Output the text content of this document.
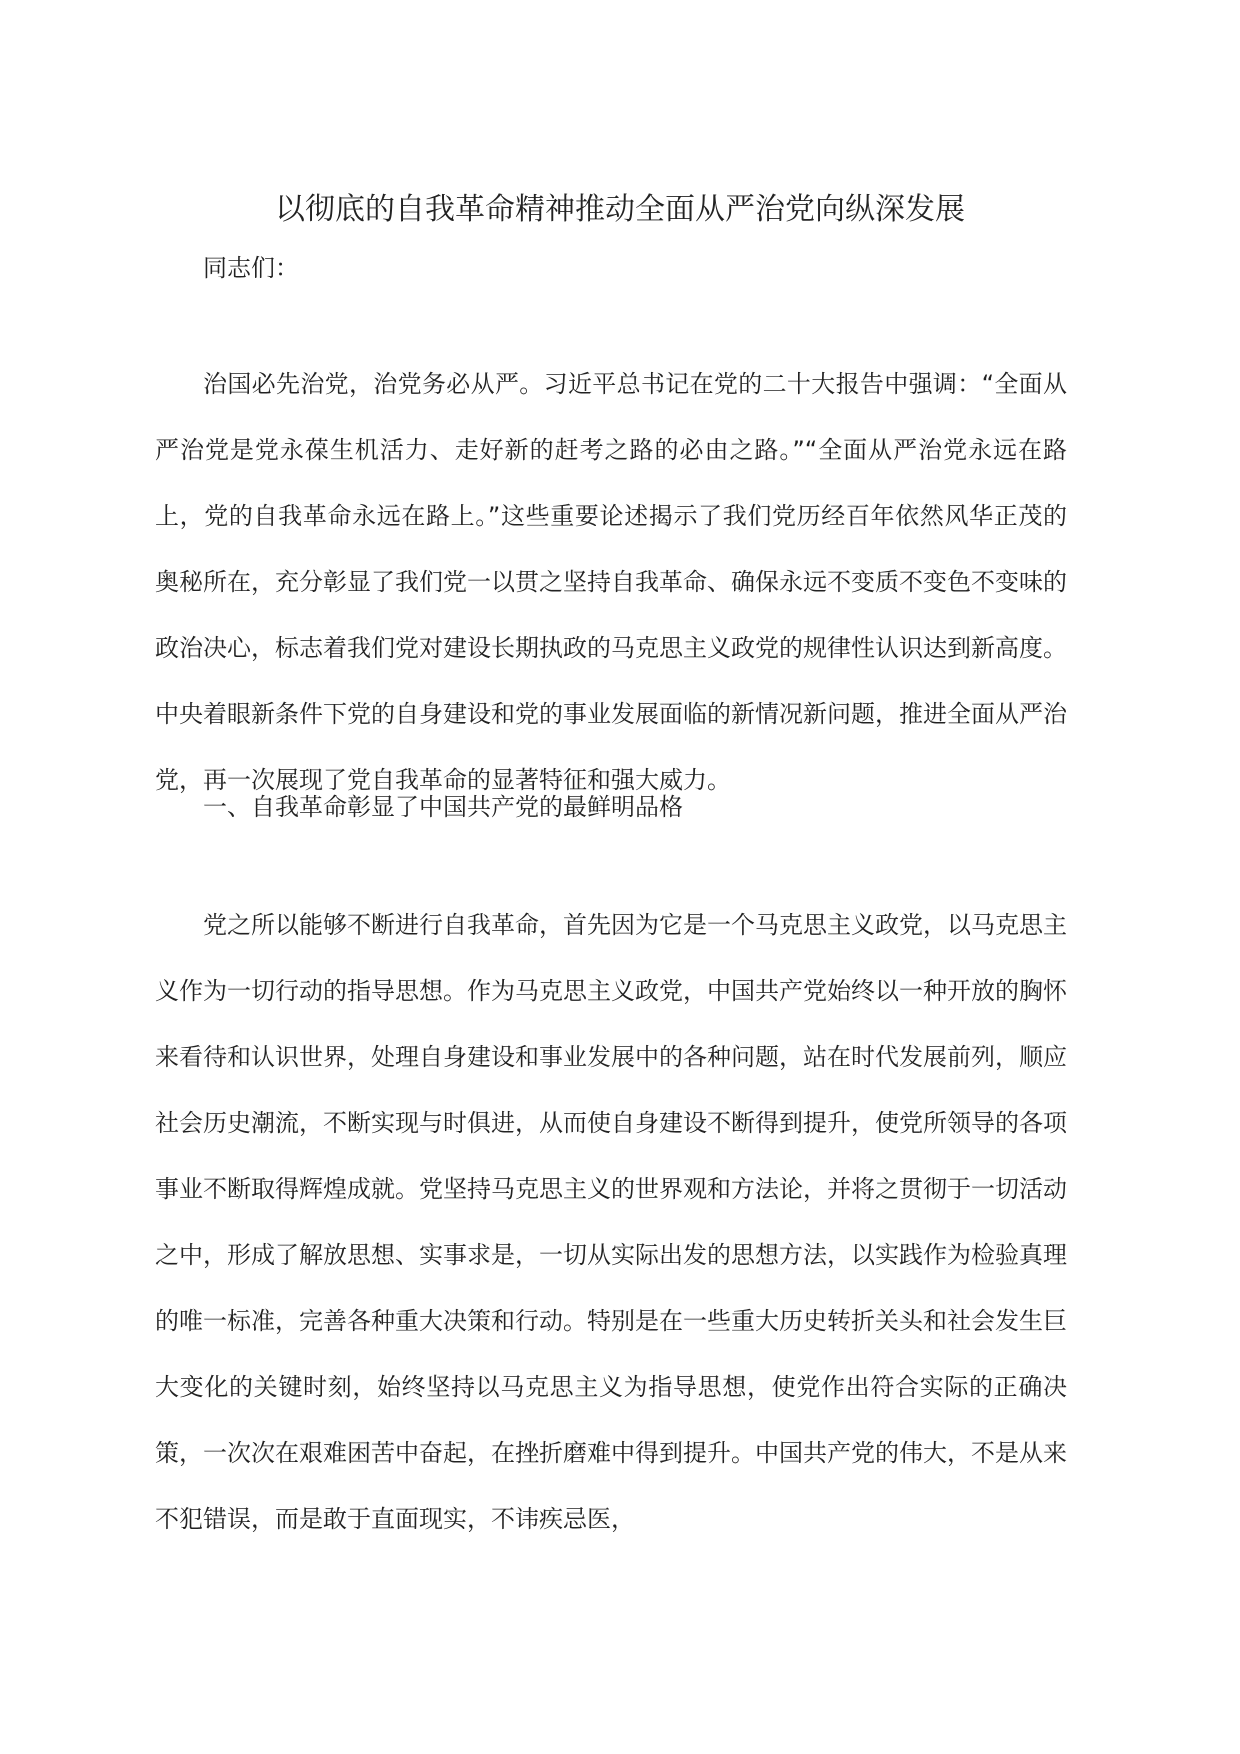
以彻底的自我革命精神推动全面从严治党向纵深发展

同志们：

治国必先治党，治党务必从严。习近平总书记在党的二十大报告中强调：“全面从严治党是党永葆生机活力、走好新的赶考之路的必由之路。”“全面从严治党永远在路上，党的自我革命永远在路上。”这些重要论述揭示了我们党历经百年依然风华正茂的奥秘所在，充分彰显了我们党一以贯之坚持自我革命、确保永远不变质不变色不变味的政治决心，标志着我们党对建设长期执政的马克思主义政党的规律性认识达到新高度。中央着眼新条件下党的自身建设和党的事业发展面临的新情况新问题，推进全面从严治党，再一次展现了党自我革命的显著特征和强大威力。

一、自我革命彰显了中国共产党的最鲜明品格

党之所以能够不断进行自我革命，首先因为它是一个马克思主义政党，以马克思主义作为一切行动的指导思想。作为马克思主义政党，中国共产党始终以一种开放的胸怀来看待和认识世界，处理自身建设和事业发展中的各种问题，站在时代发展前列，顺应社会历史潮流，不断实现与时俱进，从而使自身建设不断得到提升，使党所领导的各项事业不断取得辉煌成就。党坚持马克思主义的世界观和方法论，并将之贯彻于一切活动之中，形成了解放思想、实事求是，一切从实际出发的思想方法，以实践作为检验真理的唯一标准，完善各种重大决策和行动。特别是在一些重大历史转折关头和社会发生巨大变化的关键时刻，始终坚持以马克思主义为指导思想，使党作出符合实际的正确决策，一次次在艰难困苦中奋起，在挫折磨难中得到提升。中国共产党的伟大，不是从来不犯错误，而是敢于直面现实，不讳疾忌医，
